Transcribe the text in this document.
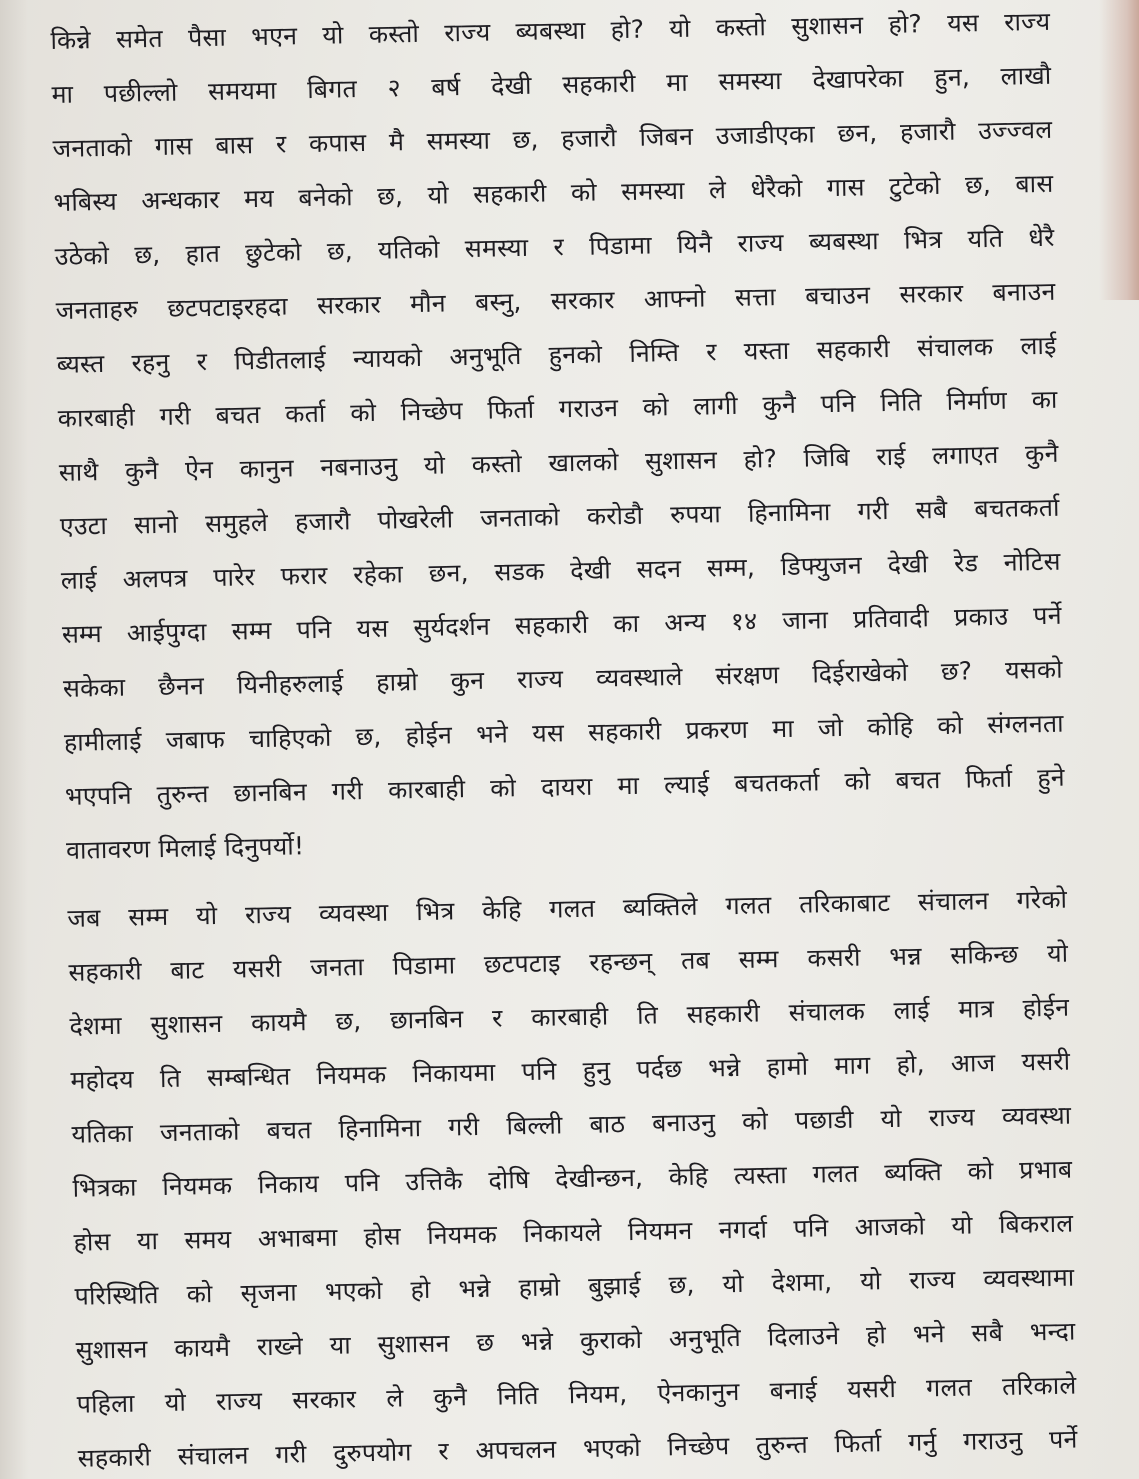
किन्ने समेत पैसा भएन यो कस्तो राज्य ब्यबस्था हो? यो कस्तो सुशासन हो? यस राज्य
मा पछील्लो समयमा बिगत २ बर्ष देखी सहकारी मा समस्या देखापरेका हुन, लाखौ
जनताको गास बास र कपास मै समस्या छ, हजारौ जिबन उजाडीएका छन, हजारौ उज्ज्वल
भबिस्य अन्धकार मय बनेको छ, यो सहकारी को समस्या ले धेरैको गास टुटेको छ, बास
उठेको छ, हात छुटेको छ, यतिको समस्या र पिडामा यिनै राज्य ब्यबस्था भित्र यति धेरै
जनताहरु छटपटाइरहदा सरकार मौन बस्नु, सरकार आफ्नो सत्ता बचाउन सरकार बनाउन
ब्यस्त रहनु र पिडीतलाई न्यायको अनुभूति हुनको निम्ति र यस्ता सहकारी संचालक लाई
कारबाही गरी बचत कर्ता को निच्छेप फिर्ता गराउन को लागी कुनै पनि निति निर्माण का
साथै कुनै ऐन कानुन नबनाउनु यो कस्तो खालको सुशासन हो? जिबि राई लगाएत कुनै
एउटा सानो समुहले हजारौ पोखरेली जनताको करोडौ रुपया हिनामिना गरी सबै बचतकर्ता
लाई अलपत्र पारेर फरार रहेका छन, सडक देखी सदन सम्म, डिफ्युजन देखी रेड नोटिस
सम्म आईपुग्दा सम्म पनि यस सुर्यदर्शन सहकारी का अन्य १४ जाना प्रतिवादी प्रकाउ पर्ने
सकेका छैनन यिनीहरुलाई हाम्रो कुन राज्य व्यवस्थाले संरक्षण दिईराखेको छ? यसको
हामीलाई जबाफ चाहिएको छ, होईन भने यस सहकारी प्रकरण मा जो कोहि को संग्लनता
भएपनि तुरुन्त छानबिन गरी कारबाही को दायरा मा ल्याई बचतकर्ता को बचत फिर्ता हुने
वातावरण मिलाई दिनुपर्यो!
जब सम्म यो राज्य व्यवस्था भित्र केहि गलत ब्यक्तिले गलत तरिकाबाट संचालन गरेको
सहकारी बाट यसरी जनता पिडामा छटपटाइ रहन्छन् तब सम्म कसरी भन्न सकिन्छ यो
देशमा सुशासन कायमै छ, छानबिन र कारबाही ति सहकारी संचालक लाई मात्र होईन
महोदय ति सम्बन्धित नियमक निकायमा पनि हुनु पर्दछ भन्ने हामो माग हो, आज यसरी
यतिका जनताको बचत हिनामिना गरी बिल्ली बाठ बनाउनु को पछाडी यो राज्य व्यवस्था
भित्रका नियमक निकाय पनि उत्तिकै दोषि देखीन्छन, केहि त्यस्ता गलत ब्यक्ति को प्रभाब
होस या समय अभाबमा होस नियमक निकायले नियमन नगर्दा पनि आजको यो बिकराल
परिस्थिति को सृजना भएको हो भन्ने हाम्रो बुझाई छ, यो देशमा, यो राज्य व्यवस्थामा
सुशासन कायमै राख्ने या सुशासन छ भन्ने कुराको अनुभूति दिलाउने हो भने सबै भन्दा
पहिला यो राज्य सरकार ले कुनै निति नियम, ऐनकानुन बनाई यसरी गलत तरिकाले
सहकारी संचालन गरी दुरुपयोग र अपचलन भएको निच्छेप तुरुन्त फिर्ता गर्नु गराउनु पर्ने
